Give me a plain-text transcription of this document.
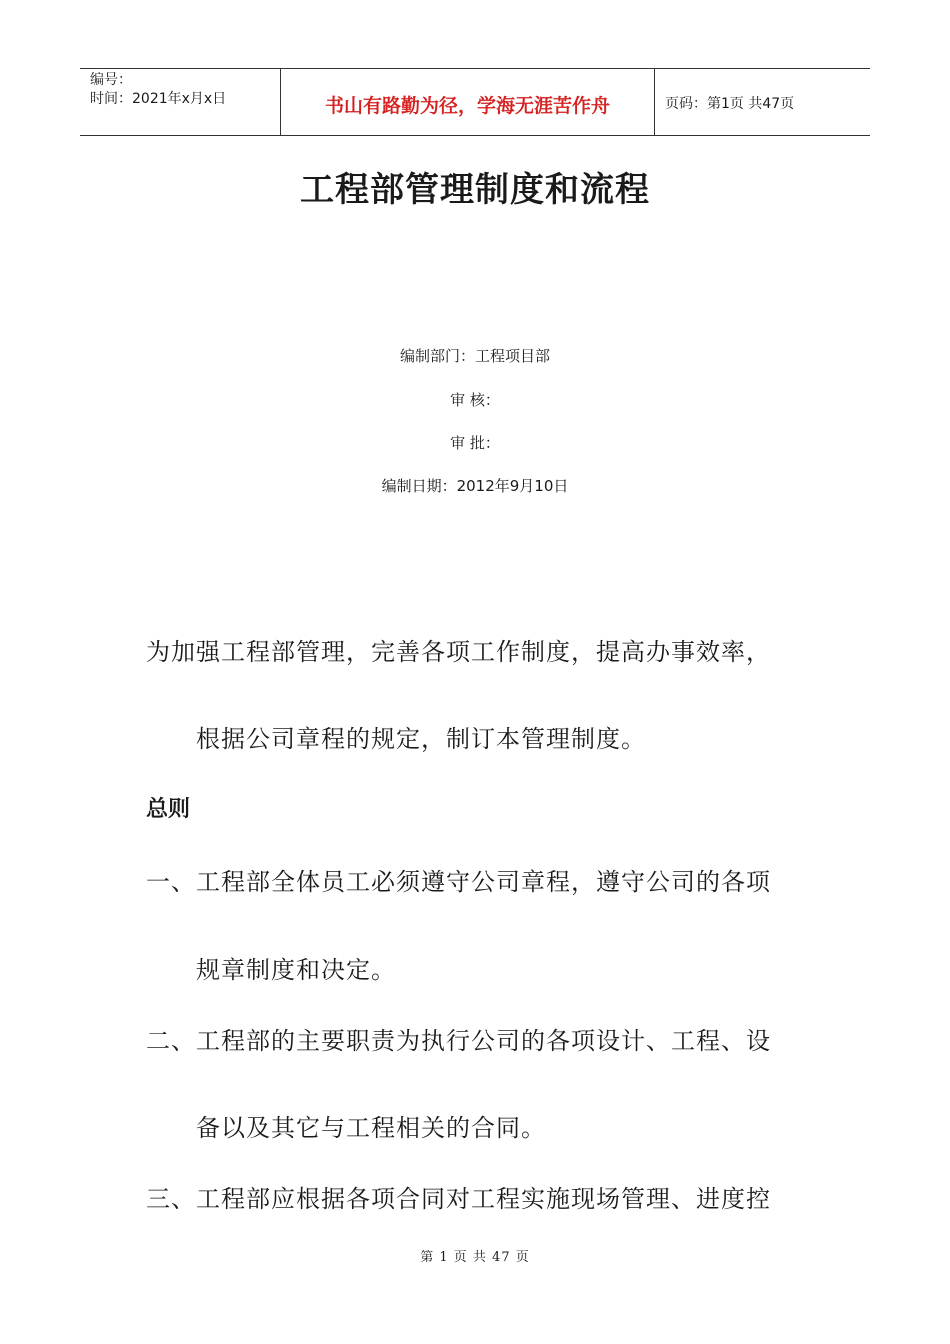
编号：
时间：2021年x月x日	书山有路勤为径，学海无涯苦作舟	页码：第1页 共47页
工程部管理制度和流程
编制部门：工程项目部
审 核：
审 批：
编制日期：2012年9月10日
为加强工程部管理，完善各项工作制度，提高办事效率，
根据公司章程的规定，制订本管理制度。
总则
一、工程部全体员工必须遵守公司章程，遵守公司的各项
规章制度和决定。
二、工程部的主要职责为执行公司的各项设计、工程、设
备以及其它与工程相关的合同。
三、工程部应根据各项合同对工程实施现场管理、进度控
第 1 页 共 47 页
